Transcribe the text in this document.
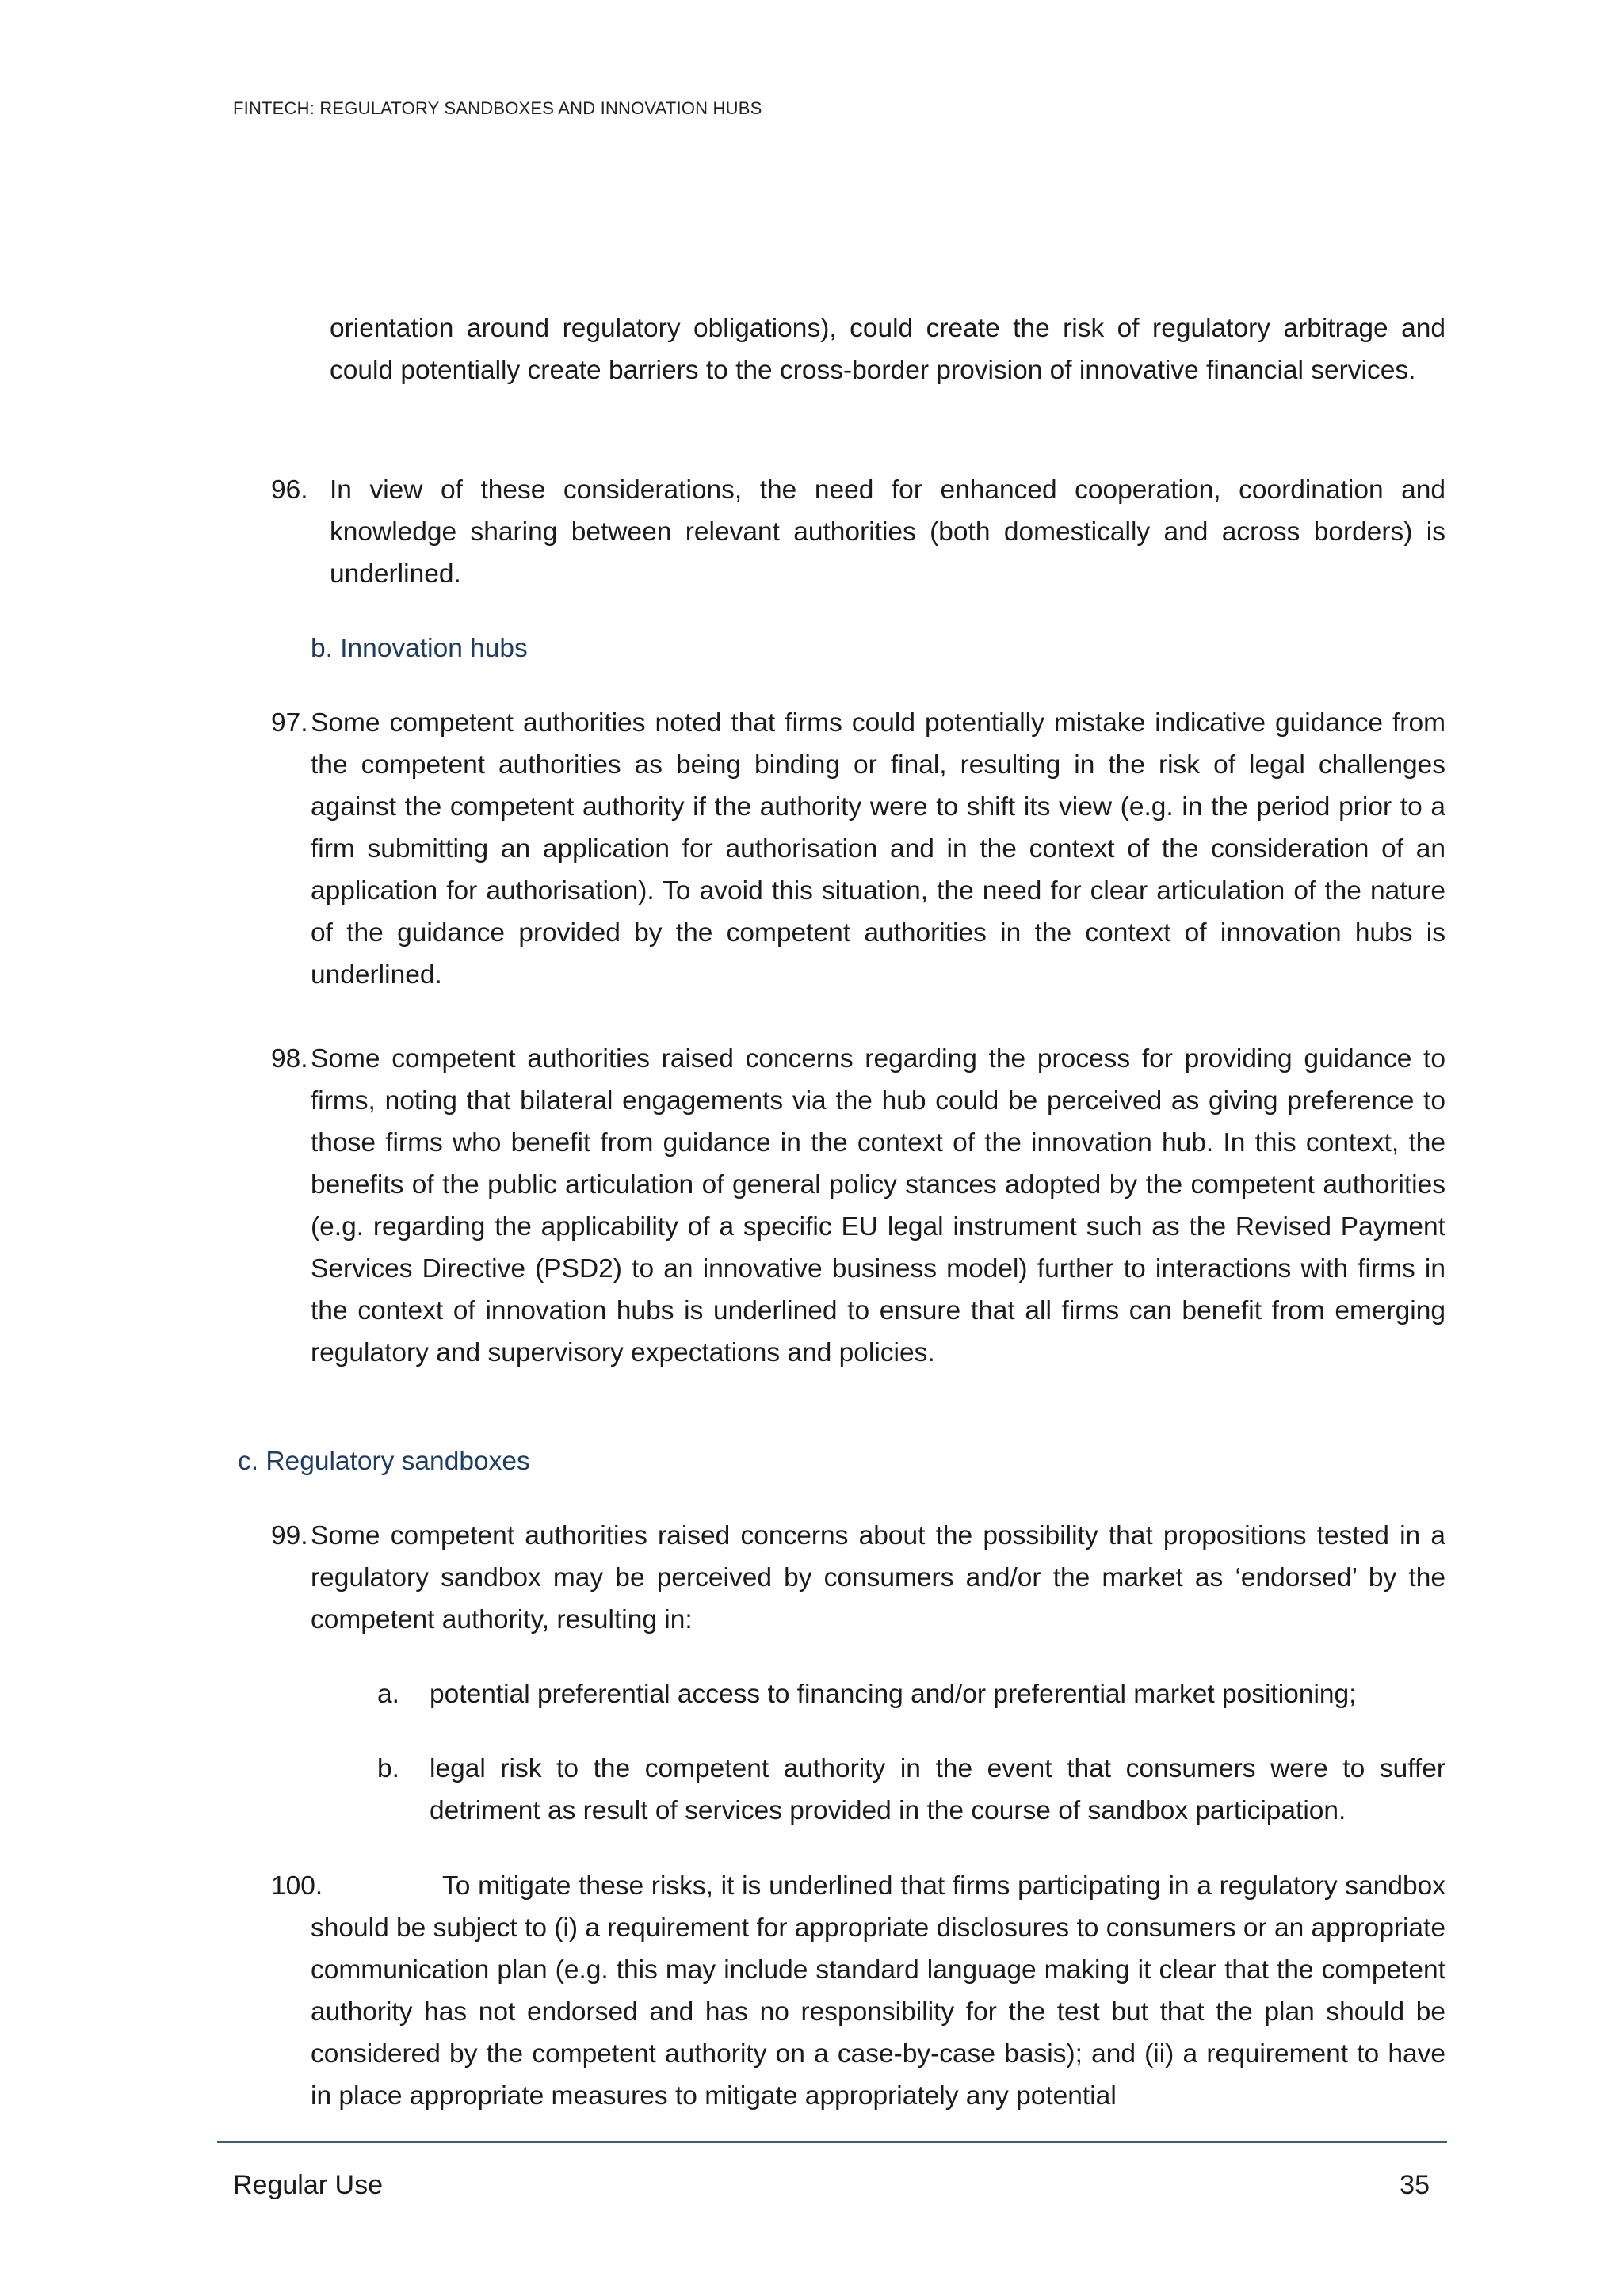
FINTECH: REGULATORY SANDBOXES AND INNOVATION HUBS
orientation around regulatory obligations), could create the risk of regulatory arbitrage and could potentially create barriers to the cross-border provision of innovative financial services.
96. In view of these considerations, the need for enhanced cooperation, coordination and knowledge sharing between relevant authorities (both domestically and across borders) is underlined.
b. Innovation hubs
97. Some competent authorities noted that firms could potentially mistake indicative guidance from the competent authorities as being binding or final, resulting in the risk of legal challenges against the competent authority if the authority were to shift its view (e.g. in the period prior to a firm submitting an application for authorisation and in the context of the consideration of an application for authorisation). To avoid this situation, the need for clear articulation of the nature of the guidance provided by the competent authorities in the context of innovation hubs is underlined.
98. Some competent authorities raised concerns regarding the process for providing guidance to firms, noting that bilateral engagements via the hub could be perceived as giving preference to those firms who benefit from guidance in the context of the innovation hub. In this context, the benefits of the public articulation of general policy stances adopted by the competent authorities (e.g. regarding the applicability of a specific EU legal instrument such as the Revised Payment Services Directive (PSD2) to an innovative business model) further to interactions with firms in the context of innovation hubs is underlined to ensure that all firms can benefit from emerging regulatory and supervisory expectations and policies.
c. Regulatory sandboxes
99. Some competent authorities raised concerns about the possibility that propositions tested in a regulatory sandbox may be perceived by consumers and/or the market as ‘endorsed’ by the competent authority, resulting in:
a. potential preferential access to financing and/or preferential market positioning;
b. legal risk to the competent authority in the event that consumers were to suffer detriment as result of services provided in the course of sandbox participation.
100.	To mitigate these risks, it is underlined that firms participating in a regulatory sandbox should be subject to (i) a requirement for appropriate disclosures to consumers or an appropriate communication plan (e.g. this may include standard language making it clear that the competent authority has not endorsed and has no responsibility for the test but that the plan should be considered by the competent authority on a case-by-case basis); and (ii) a requirement to have in place appropriate measures to mitigate appropriately any potential
Regular Use	35
